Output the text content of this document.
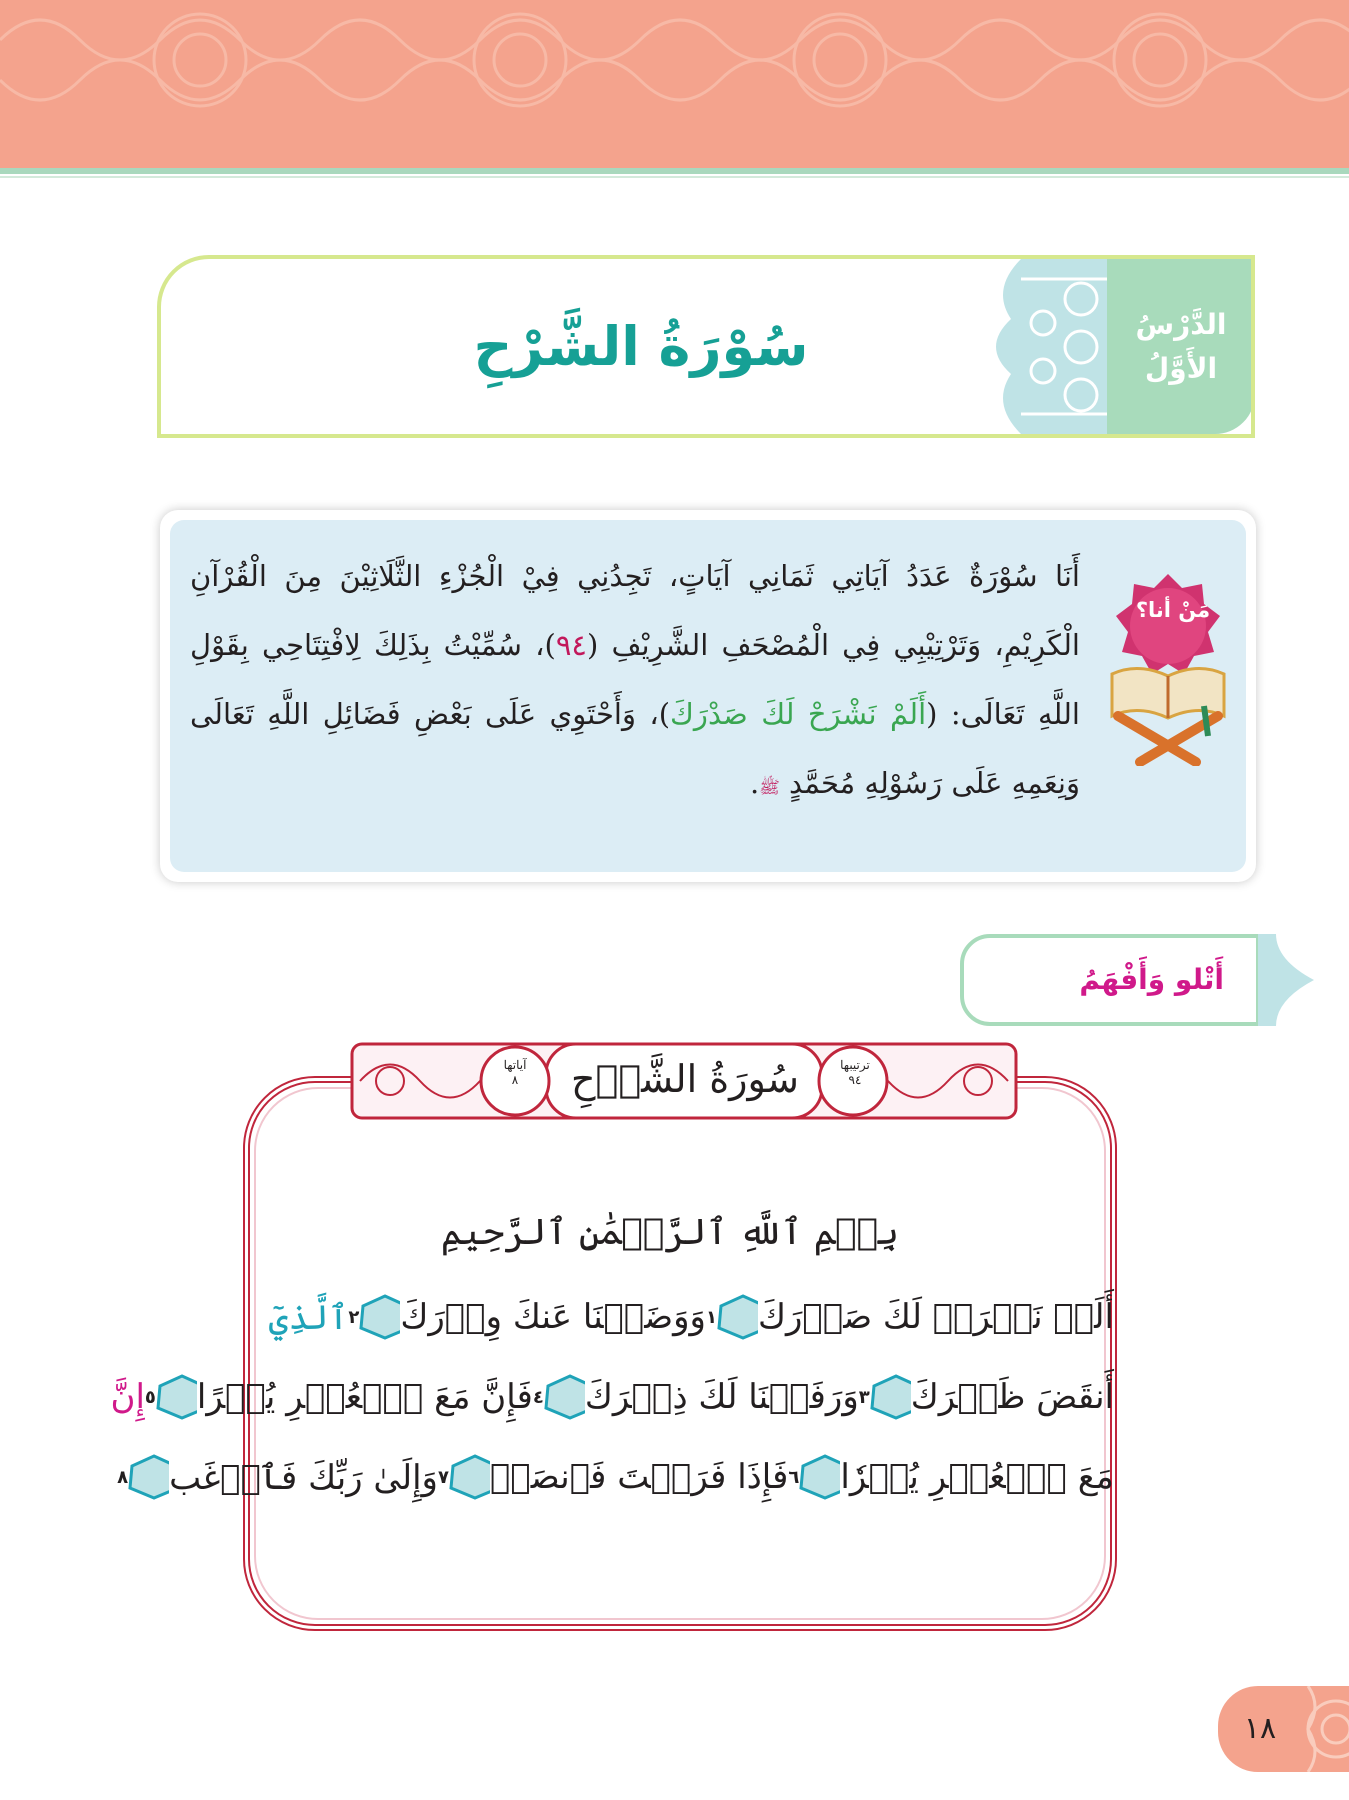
سُوْرَةُ الشَّرْحِ	الدَّرْسُ
الأَوَّلُ

أَنَا سُوْرَةٌ عَدَدُ آيَاتِي ثَمَانِي آيَاتٍ، تَجِدُنِي فِيْ الْجُزْءِ الثَّلَاثِيْنَ مِنَ الْقُرْآنِ الْكَرِيْمِ، وَتَرْتِيْبِي فِي الْمُصْحَفِ الشَّرِيْفِ (٩٤)، سُمِّيْتُ بِذَلِكَ لِافْتِتَاحِي بِقَوْلِ اللَّهِ تَعَالَى: (أَلَمْ نَشْرَحْ لَكَ صَدْرَكَ)، وَأَحْتَوِي عَلَى بَعْضِ فَضَائِلِ اللَّهِ تَعَالَى وَنِعَمِهِ عَلَى رَسُوْلِهِ مُحَمَّدٍ ﷺ.

مَنْ أنا؟
أَتْلو وَأَفْهَمُ
سُورَةُ الشَّرۡحِ	ترتيبها
٩٤
آياتها
٨
بِسۡمِ ٱللَّهِ ٱلرَّحۡمَٰنِ ٱلرَّحِيمِ
أَلَمۡ نَشۡرَحۡ لَكَ صَدۡرَكَ
١
وَوَضَعۡنَا عَنكَ وِزۡرَكَ
٢
ٱلَّذِيٓ
أَنقَضَ ظَهۡرَكَ
٣
وَرَفَعۡنَا لَكَ ذِكۡرَكَ
٤
فَإِنَّ مَعَ ٱلۡعُسۡرِ يُسۡرًا
٥
إِنَّ
مَعَ ٱلۡعُسۡرِ يُسۡرٗا
٦
فَإِذَا فَرَغۡتَ فَٱنصَبۡ
٧
وَإِلَىٰ رَبِّكَ فَٱرۡغَب
٨
١٨
